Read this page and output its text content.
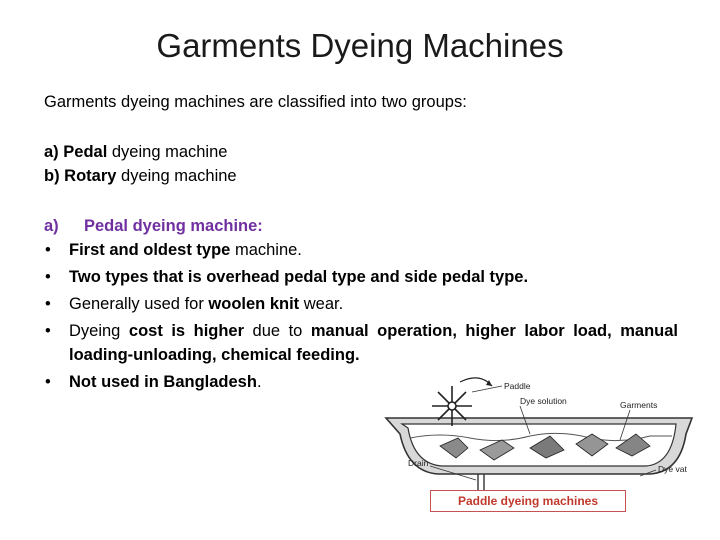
Garments Dyeing Machines

Garments dyeing machines are classified into two groups:

a) Pedal dyeing machine

b) Rotary dyeing machine

a) Pedal dyeing machine:

• First and oldest type machine.
• Two types that is overhead pedal type and side pedal type.
• Generally used for woolen knit wear.
• Dyeing cost is higher due to manual operation, higher labor load, manual loading-unloading, chemical feeding.
• Not used in Bangladesh.	Paddle
Dye solution	Garments
Drain
Dye vat
Paddle dyeing machines
